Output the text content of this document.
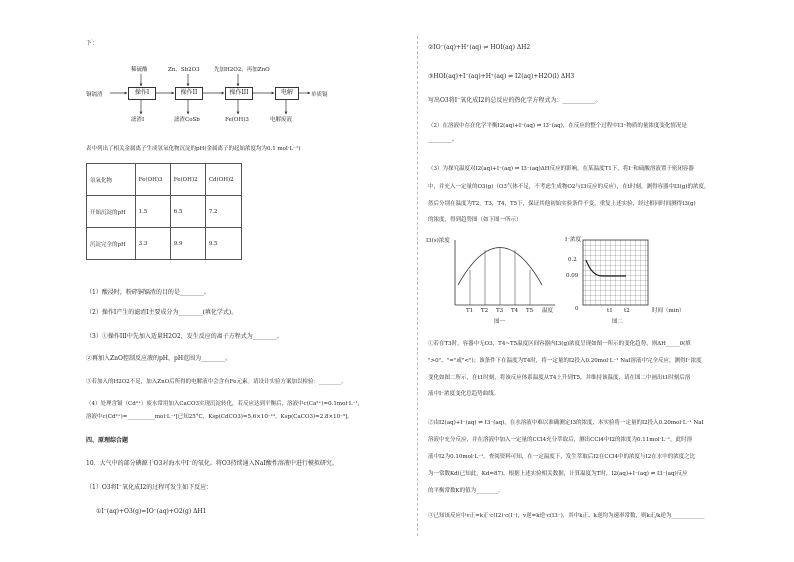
下：
稀硫酸	Zn、Sb2O3	先加H2O2，再加ZnO
铜镉渣	操作I	操作II	操作III	电解	单质镉
滤渣I	滤渣CoSb	Fe(OH)3	电解废液
表中列出了相关金属离子生成氢氧化物沉淀的pH(金属离子的起始浓度均为0.1 mol·L⁻¹)
氢氧化物	Fe(OH)3	Fe(OH)2	Cd(OH)2
开始沉淀的pH	1.5	6.5	7.2
沉淀完全的pH	3.3	9.9	9.5
（1）酸浸时，粉碎铜镉渣的目的是________。
（2）操作I产生的滤渣I主要成分为________(填化学式)。
（3）①操作III中先加入适量H2O2，发生反应的离子方程式为________。
②再加入ZnO控制反应液的pH，pH范围为________。
③若加入的H2O2不足，加入ZnO后所得的电解液中会含有Fe元素。请设计实验方案加以检验：________。
（4）处理含镉（Cd²⁺）废水常用加入CaCO3实现沉淀转化，若反应达到平衡后，溶液中c(Ca²⁺)=0.1mol·L⁻¹，
溶液中c(Cd²⁺)=__________mol·L⁻¹[已知25°C，Ksp(CdCO3)=5.6×10⁻¹²，Ksp(CaCO3)=2.8×10⁻⁹]。
四、原理综合题
10．大气中的部分碘源于O3对海水中I⁻的氧化。将O3持续通入NaI酸性溶液中进行模拟研究。
（1）O3将I⁻氧化成I2的过程可发生如下反应：
①I⁻(aq)+O3(g)=IO⁻(aq)+O2(g) ΔH1
②IO⁻(aq)+H⁺(aq) ⇌ HOI(aq) ΔH2
③HOI(aq)+I⁻(aq)+H⁺(aq) ⇌ I2(aq)+H2O(l) ΔH3
写出O3将I⁻氧化成I2的总反应的热化学方程式为：___________。
（2）在溶液中存在化学平衡I2(aq)+I⁻(aq) ⇌ I3⁻(aq)，在反应的整个过程中I3⁻物质的量浓度变化情况是
________。
（3）为探究温度对I2(aq)+I⁻(aq) ⇌ I3⁻(aq)ΔH反应的影响。在某温度T1下，将I⁻和硫酸溶液置于密闭容器
中，并充入一定量的O3(g)（O3气体不足，不考虑生成物O2与I3反应的反应），在t时刻，测得容器中I3(g)的浓度，
然后分别在温度为T2，T3，T4，T5下，保证其他初始实验条件不变，重复上述实验，经过相同时间测得I3(g)
的浓度，得到趋势图（如下图一所示）
I3(s)浓度
T1 T2 T3 T4 T5 温度
图一
I⁻浓度
0.2
0.09
0	t1 t2	时间（min）
图二
①若在T3时，容器中无O3，T4~T5温度区间容器内I3(g)浓度呈现如图一所示的变化趋势，则ΔH_____0(填
">0"、"="或"<")；该条件下在温度为T4时，将一定量的I2投入0.20mol·L⁻¹ NaI溶液中完全反应，测得I⁻浓度
变化如图二所示，在t1时刻，将该反应体系温度从T4上升到T5，并维持该温度，请在图二中画出t1时刻后溶
液中I⁻浓度变化总趋势曲线。
②由I2(aq)+I⁻(aq) ⇌ I3⁻(aq)，在水溶液中难以准确测定I3的浓度，本实验将一定量的I2投入0.20mol·L⁻¹ NaI
溶液中充分反应，并在溶液中加入一定量的CCl4充分萃取后，测出CCl4中I2的浓度为0.11mol·L⁻¹，此时溶
液中I2为0.10mol·L⁻¹。查阅资料可知，在一定温度下，发生萃取后I2在CCl4中的浓度与I2在水中的浓度之比
为一常数Kd(已知此，Kd=87)。根据上述实验相关数据，计算温度为T时，I2(aq)+I⁻(aq) ⇌ I3⁻(aq)反应
的平衡常数K的值为________。
③已知该反应中v正=k正·c(I2)·c(I⁻)，v逆=k逆·c(I3⁻)，其中k正、k逆均为速率常数，则k正/k逆为____________
